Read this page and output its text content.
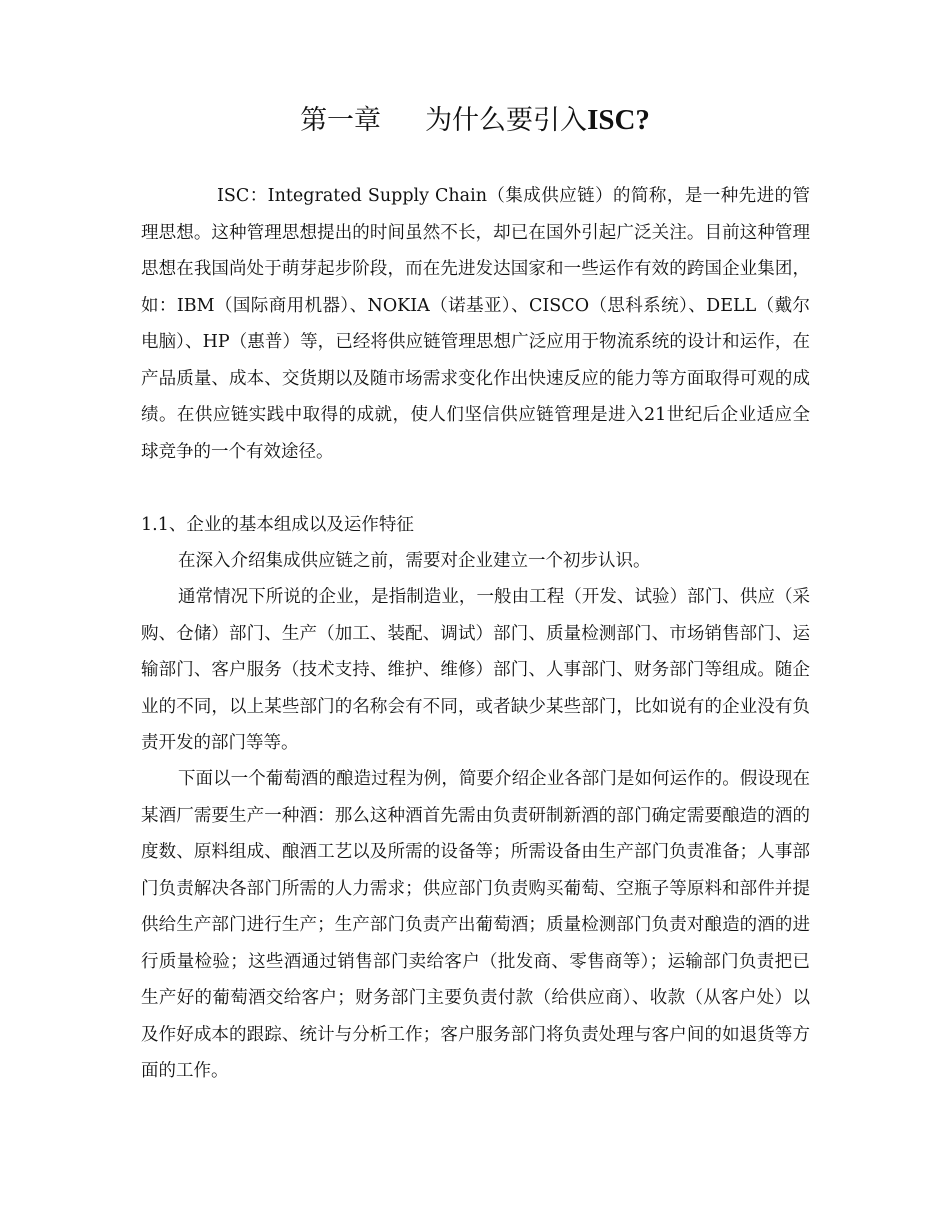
第一章 为什么要引入ISC?
ISC：Integrated Supply Chain（集成供应链）的简称，是一种先进的管理思想。这种管理思想提出的时间虽然不长，却已在国外引起广泛关注。目前这种管理思想在我国尚处于萌芽起步阶段，而在先进发达国家和一些运作有效的跨国企业集团，如：IBM（国际商用机器）、NOKIA（诺基亚）、CISCO（思科系统）、DELL（戴尔电脑）、HP（惠普）等，已经将供应链管理思想广泛应用于物流系统的设计和运作，在产品质量、成本、交货期以及随市场需求变化作出快速反应的能力等方面取得可观的成绩。在供应链实践中取得的成就，使人们坚信供应链管理是进入21世纪后企业适应全球竞争的一个有效途径。
1.1、企业的基本组成以及运作特征
在深入介绍集成供应链之前，需要对企业建立一个初步认识。
通常情况下所说的企业，是指制造业，一般由工程（开发、试验）部门、供应（采购、仓储）部门、生产（加工、装配、调试）部门、质量检测部门、市场销售部门、运输部门、客户服务（技术支持、维护、维修）部门、人事部门、财务部门等组成。随企业的不同，以上某些部门的名称会有不同，或者缺少某些部门，比如说有的企业没有负责开发的部门等等。
下面以一个葡萄酒的酿造过程为例，简要介绍企业各部门是如何运作的。假设现在某酒厂需要生产一种酒：那么这种酒首先需由负责研制新酒的部门确定需要酿造的酒的度数、原料组成、酿酒工艺以及所需的设备等；所需设备由生产部门负责准备；人事部门负责解决各部门所需的人力需求；供应部门负责购买葡萄、空瓶子等原料和部件并提供给生产部门进行生产；生产部门负责产出葡萄酒；质量检测部门负责对酿造的酒的进行质量检验；这些酒通过销售部门卖给客户（批发商、零售商等）；运输部门负责把已生产好的葡萄酒交给客户；财务部门主要负责付款（给供应商）、收款（从客户处）以及作好成本的跟踪、统计与分析工作；客户服务部门将负责处理与客户间的如退货等方面的工作。
